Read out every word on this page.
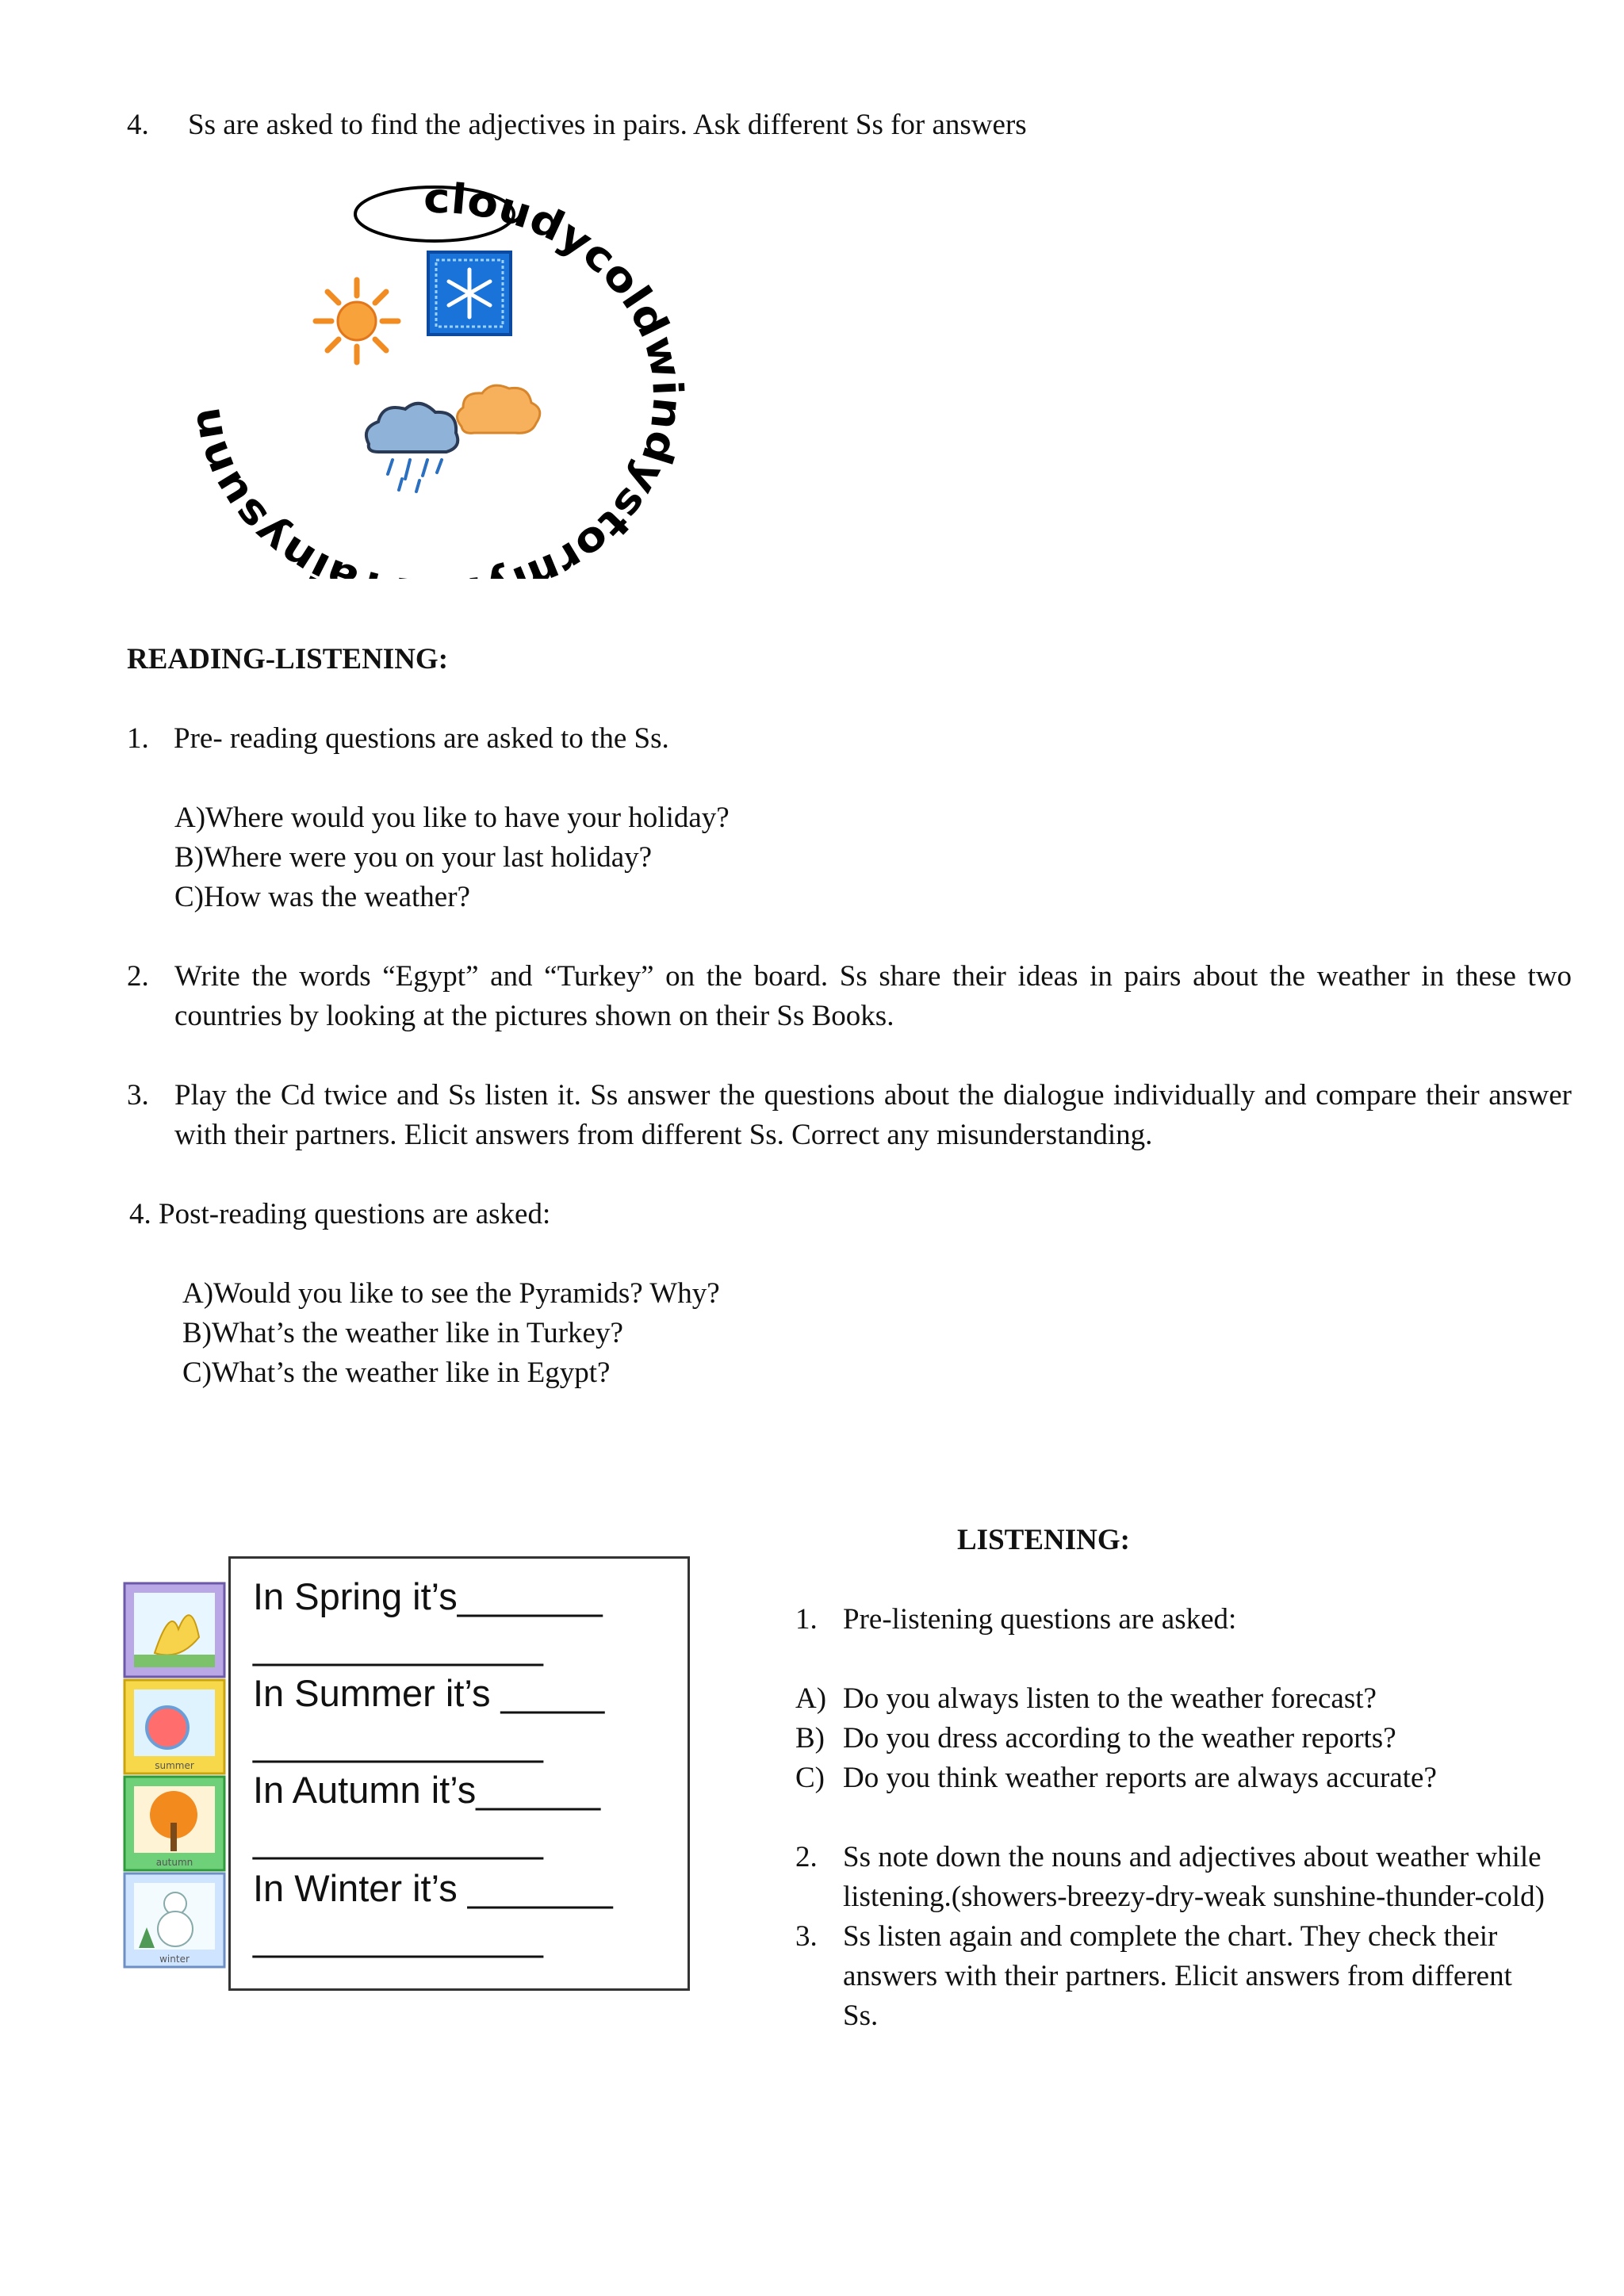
4. Ss are asked to find the adjectives in pairs. Ask different Ss for answers
cloudycoldwindystorm ainysunn
READING-LISTENING:
1. Pre- reading questions are asked to the Ss.
A)Where would you like to have your holiday?
B)Where were you on your last holiday?
C)How was the weather?
2. Write the words “Egypt” and “Turkey” on the board. Ss share their ideas in pairs about the weather in these two countries by looking at the pictures shown on their Ss Books.
3. Play the Cd twice and Ss listen it. Ss answer the questions about the dialogue individually and compare their answer with their partners. Elicit answers from different Ss. Correct any misunderstanding.
4. Post-reading questions are asked:
A)Would you like to see the Pyramids? Why?
B)What’s the weather like in Turkey?
C)What’s the weather like in Egypt?
summer
autumn
winter
In Spring it’s_______
______________
In Summer it’s _____
______________
In Autumn it’s______
______________
In Winter it’s _______
______________
LISTENING:
1. Pre-listening questions are asked:
A) Do you always listen to the weather forecast?
B) Do you dress according to the weather reports?
C) Do you think weather reports are always accurate?
2. Ss note down the nouns and adjectives about weather while
listening.(showers-breezy-dry-weak sunshine-thunder-cold)
3. Ss listen again and complete the chart. They check their
answers with their partners. Elicit answers from different
Ss.
